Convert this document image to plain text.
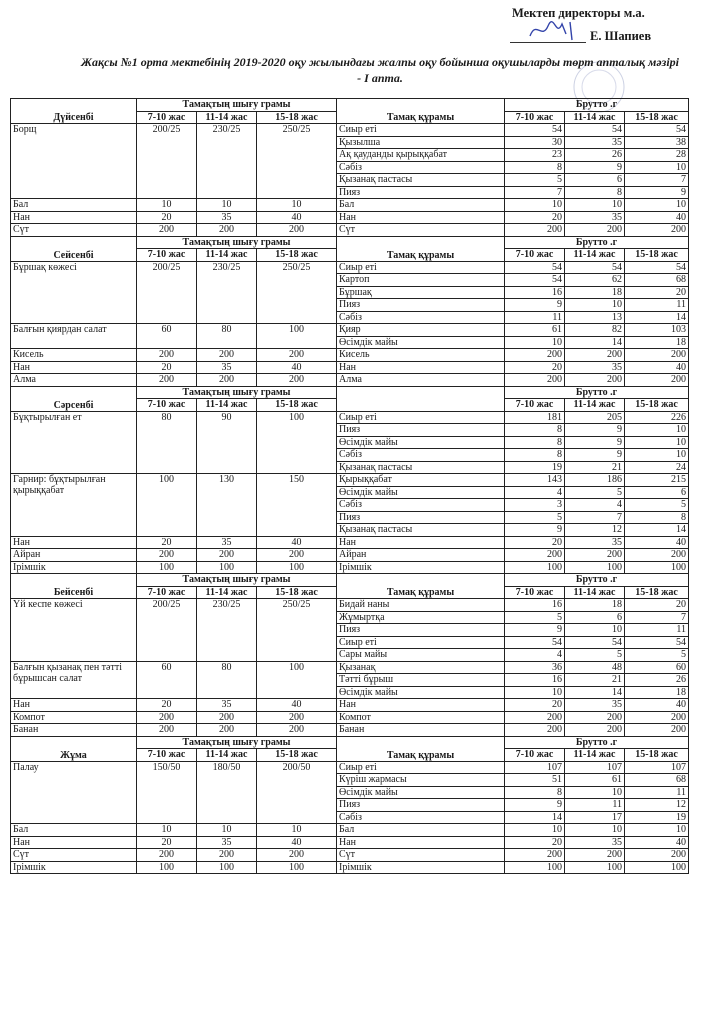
Мектеп директоры м.а.
Е. Шапиев
Жақсы №1 орта мектебінің 2019-2020 оқу жылындағы жалпы оқу бойынша оқушыларды төрт апталық мәзірі - I апта.
Дүйсенбі	Тамақтың шығу грамы			Тамақ құрамы	Брутто .г		
	7-10 жас	11-14 жас	15-18 жас		7-10 жас	11-14 жас	15-18 жас
Борщ	200/25	230/25	250/25	Сиыр еті	54	54	54
				Қызылша	30	35	38
				Ақ қауданды қырыққабат	23	26	28
				Сәбіз	8	9	10
				Қызанақ пастасы	5	6	7
				Пияз	7	8	9
Бал	10	10	10	Бал	10	10	10
Нан	20	35	40	Нан	20	35	40
Сүт	200	200	200	Сүт	200	200	200
Сейсенбі	Тамақтың шығу грамы			Тамақ құрамы	Брутто .г		
	7-10 жас	11-14 жас	15-18 жас		7-10 жас	11-14 жас	15-18 жас
Бұршақ көжесі	200/25	230/25	250/25	Сиыр еті	54	54	54
				Картоп	54	62	68
				Бұршақ	16	18	20
				Пияз	9	10	11
				Сәбіз	11	13	14
Балғын қиярдан салат	60	80	100	Қияр	61	82	103
				Өсімдік майы	10	14	18
Кисель	200	200	200	Кисель	200	200	200
Нан	20	35	40	Нан	20	35	40
Алма	200	200	200	Алма	200	200	200
Сәрсенбі	Тамақтың шығу грамы				Брутто .г		
	7-10 жас	11-14 жас	15-18 жас		7-10 жас	11-14 жас	15-18 жас
Бұқтырылған ет	80	90	100	Сиыр еті	181	205	226
				Пияз	8	9	10
				Өсімдік майы	8	9	10
				Сәбіз	8	9	10
				Қызанақ пастасы	19	21	24
Гарнир: бұқтырылған қырыққабат	100	130	150	Қырыққабат	143	186	215
				Өсімдік майы	4	5	6
				Сәбіз	3	4	5
				Пияз	5	7	8
				Қызанақ пастасы	9	12	14
Нан	20	35	40	Нан	20	35	40
Айран	200	200	200	Айран	200	200	200
Ірімшік	100	100	100	Ірімшік	100	100	100
Бейсенбі	Тамақтың шығу грамы			Тамақ құрамы	Брутто .г		
	7-10 жас	11-14 жас	15-18 жас		7-10 жас	11-14 жас	15-18 жас
Үй кеспе көжесі	200/25	230/25	250/25	Бидай наны	16	18	20
				Жұмыртқа	5	6	7
				Пияз	9	10	11
				Сиыр еті	54	54	54
				Сары майы	4	5	5
Балғын қызанақ пен тәтті бұрышсан салат	60	80	100	Қызанақ	36	48	60
				Тәтті бұрыш	16	21	26
				Өсімдік майы	10	14	18
Нан	20	35	40	Нан	20	35	40
Компот	200	200	200	Компот	200	200	200
Банан	200	200	200	Банан	200	200	200
Жұма	Тамақтың шығу грамы			Тамақ құрамы	Брутто .г		
	7-10 жас	11-14 жас	15-18 жас		7-10 жас	11-14 жас	15-18 жас
Палау	150/50	180/50	200/50	Сиыр еті	107	107	107
				Күріш жармасы	51	61	68
				Өсімдік майы	8	10	11
				Пияз	9	11	12
				Сәбіз	14	17	19
Бал	10	10	10	Бал	10	10	10
Нан	20	35	40	Нан	20	35	40
Сүт	200	200	200	Сүт	200	200	200
Ірімшік	100	100	100	Ірімшік	100	100	100
